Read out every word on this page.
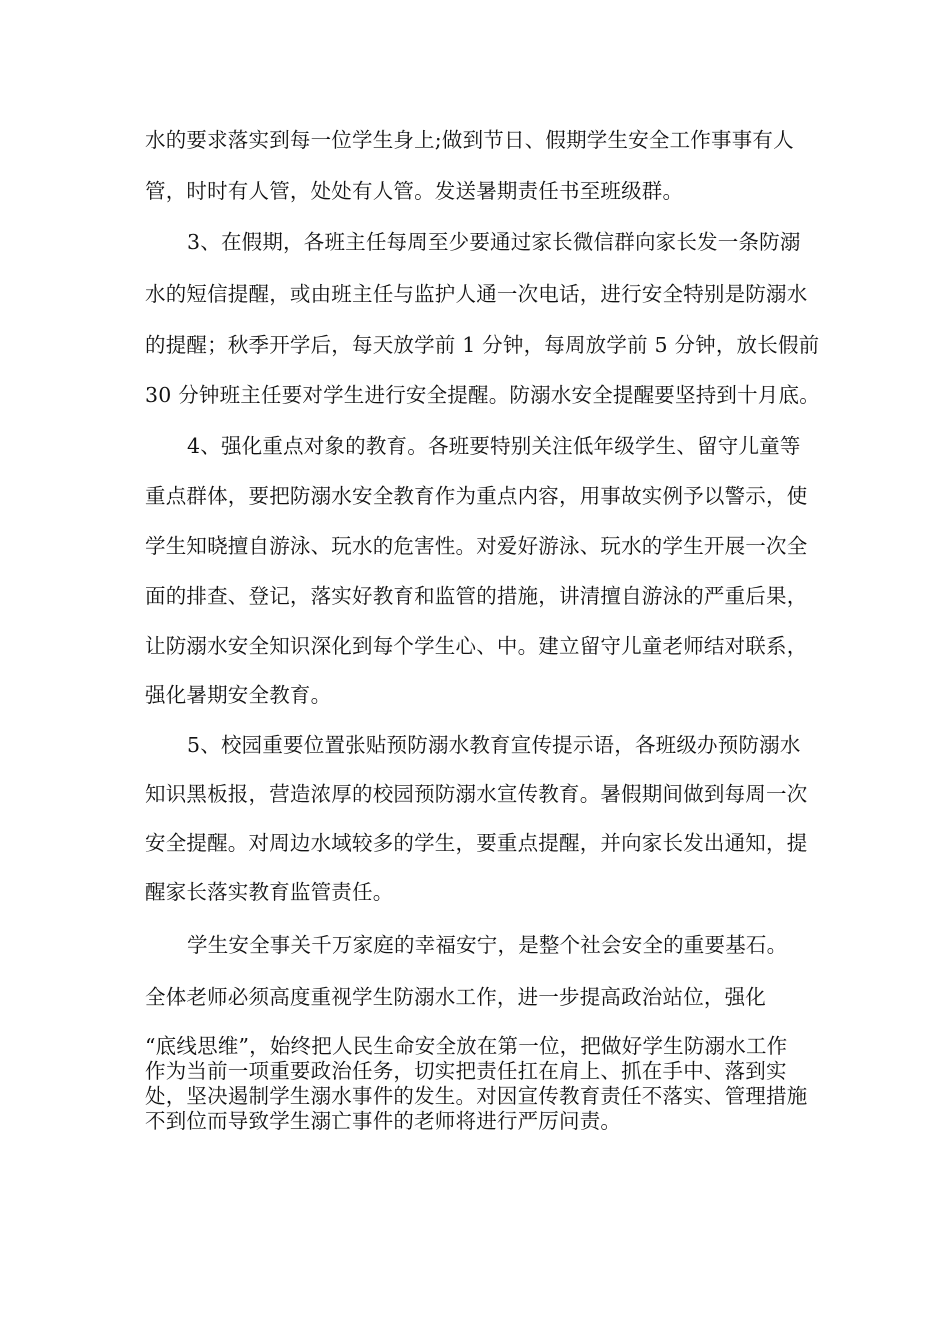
水的要求落实到每一位学生身上;做到节日、假期学生安全工作事事有人
管，时时有人管，处处有人管。发送暑期责任书至班级群。
3、在假期，各班主任每周至少要通过家长微信群向家长发一条防溺
水的短信提醒，或由班主任与监护人通一次电话，进行安全特别是防溺水
的提醒；秋季开学后，每天放学前 1 分钟，每周放学前 5 分钟，放长假前
30 分钟班主任要对学生进行安全提醒。防溺水安全提醒要坚持到十月底。
4、强化重点对象的教育。各班要特别关注低年级学生、留守儿童等
重点群体，要把防溺水安全教育作为重点内容，用事故实例予以警示，使
学生知晓擅自游泳、玩水的危害性。对爱好游泳、玩水的学生开展一次全
面的排查、登记，落实好教育和监管的措施，讲清擅自游泳的严重后果，
让防溺水安全知识深化到每个学生心、中。建立留守儿童老师结对联系，
强化暑期安全教育。
5、校园重要位置张贴预防溺水教育宣传提示语，各班级办预防溺水
知识黑板报，营造浓厚的校园预防溺水宣传教育。暑假期间做到每周一次
安全提醒。对周边水域较多的学生，要重点提醒，并向家长发出通知，提
醒家长落实教育监管责任。
学生安全事关千万家庭的幸福安宁，是整个社会安全的重要基石。
全体老师必须高度重视学生防溺水工作，进一步提高政治站位，强化
“底线思维”，始终把人民生命安全放在第一位，把做好学生防溺水工作
作为当前一项重要政治任务，切实把责任扛在肩上、抓在手中、落到实
处，坚决遏制学生溺水事件的发生。对因宣传教育责任不落实、管理措施
不到位而导致学生溺亡事件的老师将进行严厉问责。
